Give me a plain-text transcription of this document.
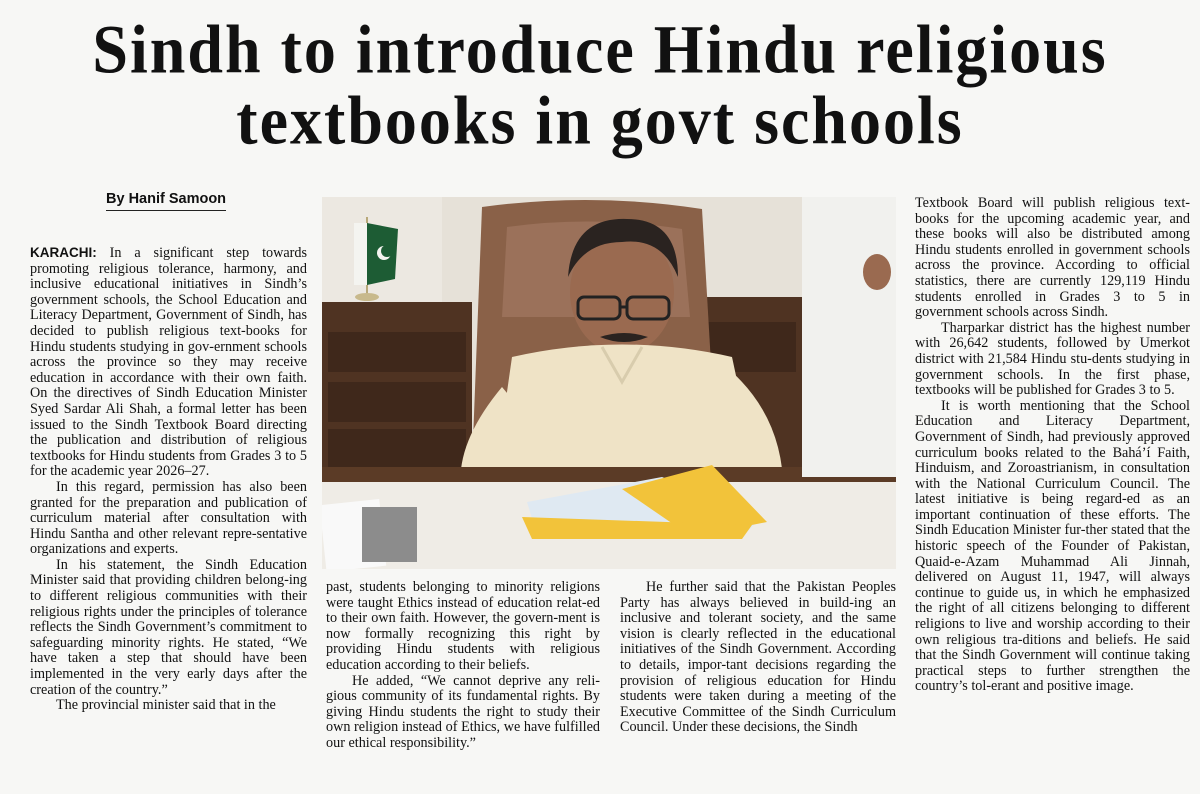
Sindh to introduce Hindu religious
textbooks in govt schools
By Hanif Samoon

KARACHI: In a significant step towards promoting religious tolerance, harmony, and inclusive educational initiatives in Sindh’s government schools, the School Education and Literacy Department, Government of Sindh, has decided to publish religious text-books for Hindu students studying in gov-ernment schools across the province so they may receive education in accordance with their own faith. On the directives of Sindh Education Minister Syed Sardar Ali Shah, a formal letter has been issued to the Sindh Textbook Board directing the publication and distribution of religious textbooks for Hindu students from Grades 3 to 5 for the academic year 2026–27.

In this regard, permission has also been granted for the preparation and publication of curriculum material after consultation with Hindu Santha and other relevant repre-sentative organizations and experts.

In his statement, the Sindh Education Minister said that providing children belong-ing to different religious communities with their religious rights under the principles of tolerance reflects the Sindh Government’s commitment to safeguarding minority rights. He stated, “We have taken a step that should have been implemented in the very early days after the creation of the country.”

The provincial minister said that in the

past, students belonging to minority religions were taught Ethics instead of education relat-ed to their own faith. However, the govern-ment is now formally recognizing this right by providing Hindu students with religious education according to their beliefs.

He added, “We cannot deprive any reli-gious community of its fundamental rights. By giving Hindu students the right to study their own religion instead of Ethics, we have fulfilled our ethical responsibility.”

He further said that the Pakistan Peoples Party has always believed in build-ing an inclusive and tolerant society, and the same vision is clearly reflected in the educational initiatives of the Sindh Government. According to details, impor-tant decisions regarding the provision of religious education for Hindu students were taken during a meeting of the Executive Committee of the Sindh Curriculum Council. Under these decisions, the Sindh

Textbook Board will publish religious text-books for the upcoming academic year, and these books will also be distributed among Hindu students enrolled in government schools across the province. According to official statistics, there are currently 129,119 Hindu students enrolled in Grades 3 to 5 in government schools across Sindh.

Tharparkar district has the highest number with 26,642 students, followed by Umerkot district with 21,584 Hindu stu-dents studying in government schools. In the first phase, textbooks will be published for Grades 3 to 5.

It is worth mentioning that the School Education and Literacy Department, Government of Sindh, had previously approved curriculum books related to the Bahá’í Faith, Hinduism, and Zoroastrianism, in consultation with the National Curriculum Council. The latest initiative is being regard-ed as an important continuation of these efforts. The Sindh Education Minister fur-ther stated that the historic speech of the Founder of Pakistan, Quaid-e-Azam Muhammad Ali Jinnah, delivered on August 11, 1947, will always continue to guide us, in which he emphasized the right of all citizens belonging to different religions to live and worship according to their own religious tra-ditions and beliefs. He said that the Sindh Government will continue taking practical steps to further strengthen the country’s tol-erant and positive image.
